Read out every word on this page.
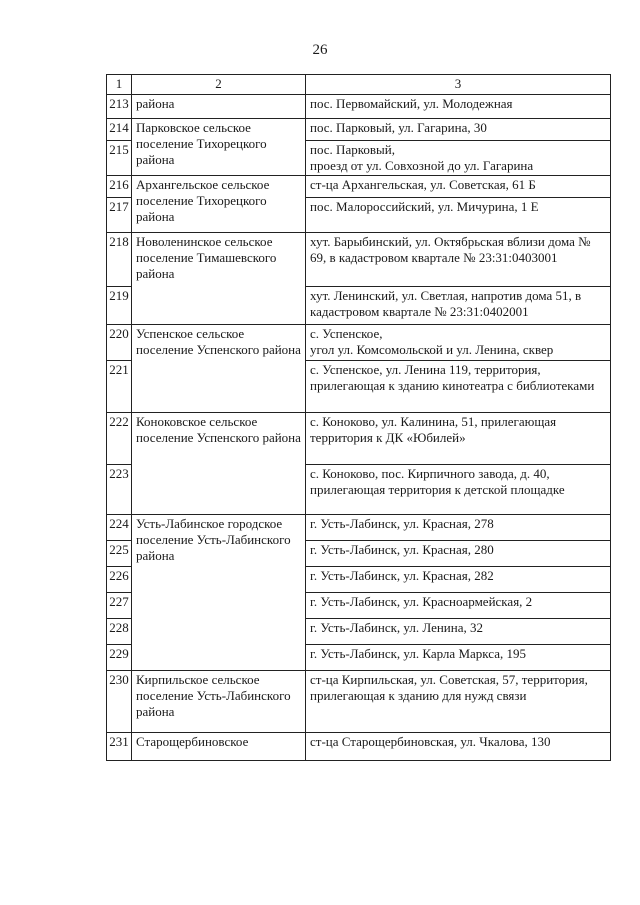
26
1	2	3
213	района	пос. Первомайский, ул. Молодежная

214	Парковское сельское поселение Тихорецкого района	пос. Парковый, ул. Гагарина, 30

215		пос. Парковый,
проезд от ул. Совхозной до ул. Гагарина

216	Архангельское сельское поселение Тихорецкого района	ст-ца Архангельская, ул. Советская, 61 Б

217		пос. Малороссийский, ул. Мичурина, 1 Е

218	Новоленинское сельское поселение Тимашевского района	хут. Барыбинский, ул. Октябрьская вблизи дома № 69, в кадастровом квартале № 23:31:0403001

219		хут. Ленинский, ул. Светлая, напротив дома 51, в кадастровом квартале № 23:31:0402001

220	Успенское сельское поселение Успенского района	с. Успенское,
угол ул. Комсомольской и ул. Ленина, сквер

221		с. Успенское, ул. Ленина 119, территория, прилегающая к зданию кинотеатра с библиотеками

222	Коноковское сельское поселение Успенского района	с. Коноково, ул. Калинина, 51, прилегающая территория к ДК «Юбилей»

223		с. Коноково, пос. Кирпичного завода, д. 40, прилегающая территория к детской площадке

224	Усть-Лабинское городское поселение Усть-Лабинского района	г. Усть-Лабинск, ул. Красная, 278

225		г. Усть-Лабинск, ул. Красная, 280

226		г. Усть-Лабинск, ул. Красная, 282

227		г. Усть-Лабинск, ул. Красноармейская, 2

228		г. Усть-Лабинск, ул. Ленина, 32

229		г. Усть-Лабинск, ул. Карла Маркса, 195

230	Кирпильское сельское поселение Усть-Лабинского района	ст-ца Кирпильская, ул. Советская, 57, территория, прилегающая к зданию для нужд связи

231	Старощербиновское	ст-ца Старощербиновская, ул. Чкалова, 130
